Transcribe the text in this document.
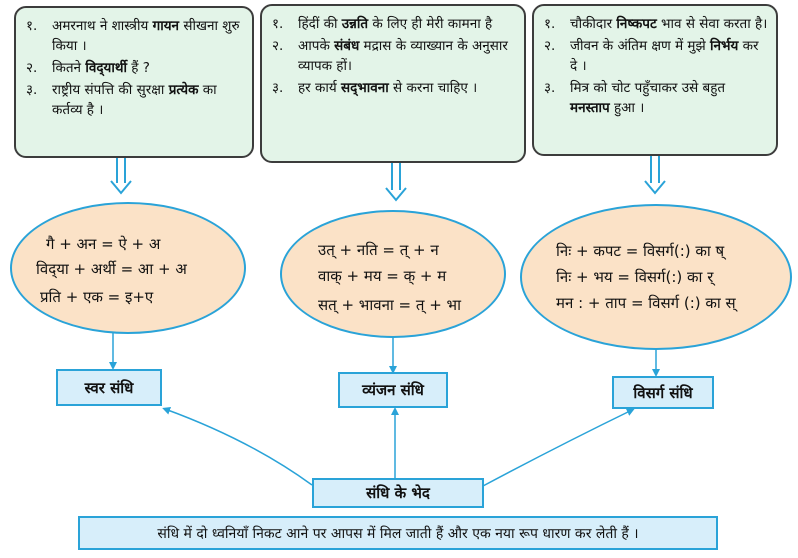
१.	अमरनाथ ने शास्त्रीय गायन सीखना शुरु किया ।
२.	कितने विद्‌यार्थी हैं ?
३.	राष्ट्रीय संपत्ति की सुरक्षा प्रत्येक का कर्तव्य है ।
१.	हिंदीं की उन्नति के लिए ही मेरी कामना है
२.	आपके संबंध मद्रास के व्याख्यान के अनुसार व्यापक हों।
३.	हर कार्य सद्‌भावना से करना चाहिए ।
१.	चौकीदार निष्कपट भाव से सेवा करता है।
२.	जीवन के अंतिम क्षण में मुझे निर्भय कर दे ।
३.	मित्र को चोट पहुँचाकर उसे बहुत मनस्ताप हुआ ।
गै + अन = ऐ + अ
विद्‌या + अर्थी = आ + अ
प्रति + एक = इ+ए
उत्‌ + नति = त्‌ + न
वाक्‌ + मय = क्‌ + म
सत्‌ + भावना = त्‌ + भा
निः + कपट = विसर्ग(:) का ष्‌
निः + भय = विसर्ग(:) का र्‌
मन : + ताप = विसर्ग (:) का स्‌
स्वर संधि	व्यंजन संधि	विसर्ग संधि
संधि के भेद
संधि में दो ध्वनियाँ निकट आने पर आपस में मिल जाती हैं और एक नया रूप धारण कर लेती हैं ।
